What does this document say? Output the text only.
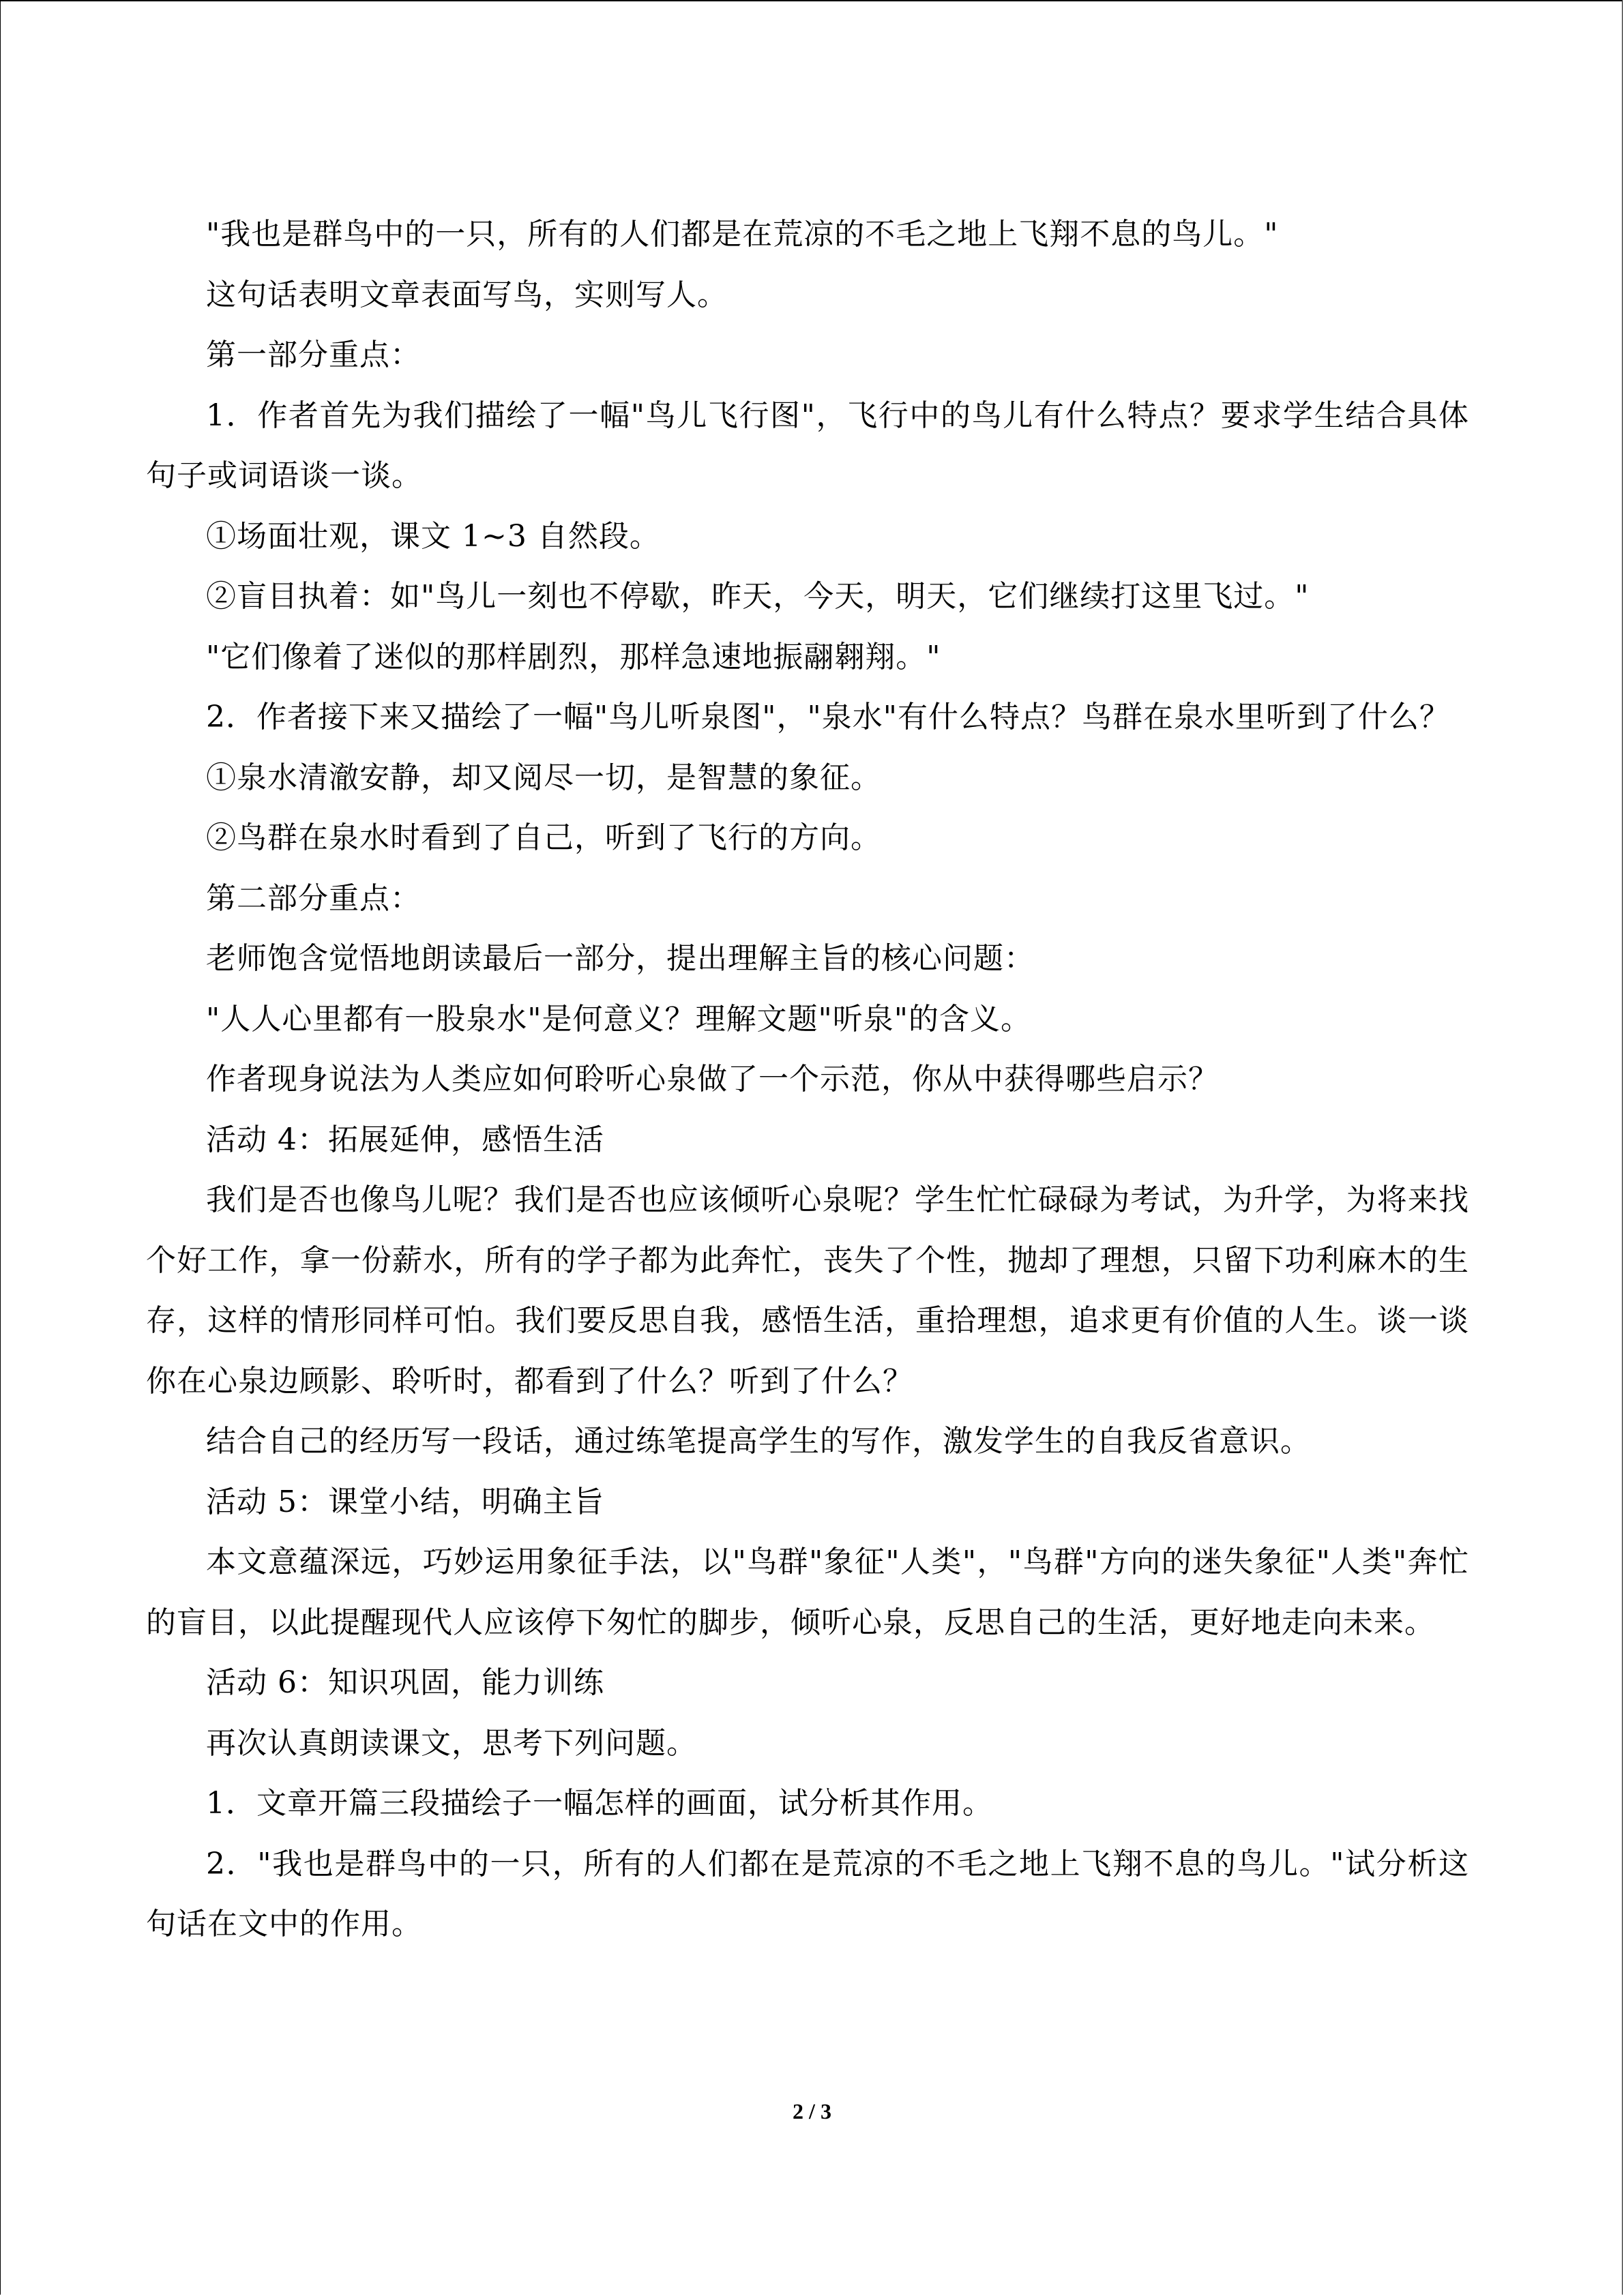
"我也是群鸟中的一只，所有的人们都是在荒凉的不毛之地上飞翔不息的鸟儿。"

这句话表明文章表面写鸟，实则写人。

第一部分重点：

1．作者首先为我们描绘了一幅"鸟儿飞行图"，飞行中的鸟儿有什么特点？要求学生结合具体句子或词语谈一谈。

①场面壮观，课文 1~3 自然段。

②盲目执着：如"鸟儿一刻也不停歇，昨天，今天，明天，它们继续打这里飞过。"

"它们像着了迷似的那样剧烈，那样急速地振翮翱翔。"

2．作者接下来又描绘了一幅"鸟儿听泉图"，"泉水"有什么特点？鸟群在泉水里听到了什么？

①泉水清澈安静，却又阅尽一切，是智慧的象征。

②鸟群在泉水时看到了自己，听到了飞行的方向。

第二部分重点：

老师饱含觉悟地朗读最后一部分，提出理解主旨的核心问题：

"人人心里都有一股泉水"是何意义？理解文题"听泉"的含义。

作者现身说法为人类应如何聆听心泉做了一个示范，你从中获得哪些启示？

活动 4：拓展延伸，感悟生活

我们是否也像鸟儿呢？我们是否也应该倾听心泉呢？学生忙忙碌碌为考试，为升学，为将来找个好工作，拿一份薪水，所有的学子都为此奔忙，丧失了个性，抛却了理想，只留下功利麻木的生存，这样的情形同样可怕。我们要反思自我，感悟生活，重拾理想，追求更有价值的人生。谈一谈你在心泉边顾影、聆听时，都看到了什么？听到了什么？

结合自己的经历写一段话，通过练笔提高学生的写作，激发学生的自我反省意识。

活动 5：课堂小结，明确主旨

本文意蕴深远，巧妙运用象征手法，以"鸟群"象征"人类"，"鸟群"方向的迷失象征"人类"奔忙的盲目，以此提醒现代人应该停下匆忙的脚步，倾听心泉，反思自己的生活，更好地走向未来。

活动 6：知识巩固，能力训练

再次认真朗读课文，思考下列问题。

1．文章开篇三段描绘子一幅怎样的画面，试分析其作用。

2．"我也是群鸟中的一只，所有的人们都在是荒凉的不毛之地上飞翔不息的鸟儿。"试分析这句话在文中的作用。

2 / 3
